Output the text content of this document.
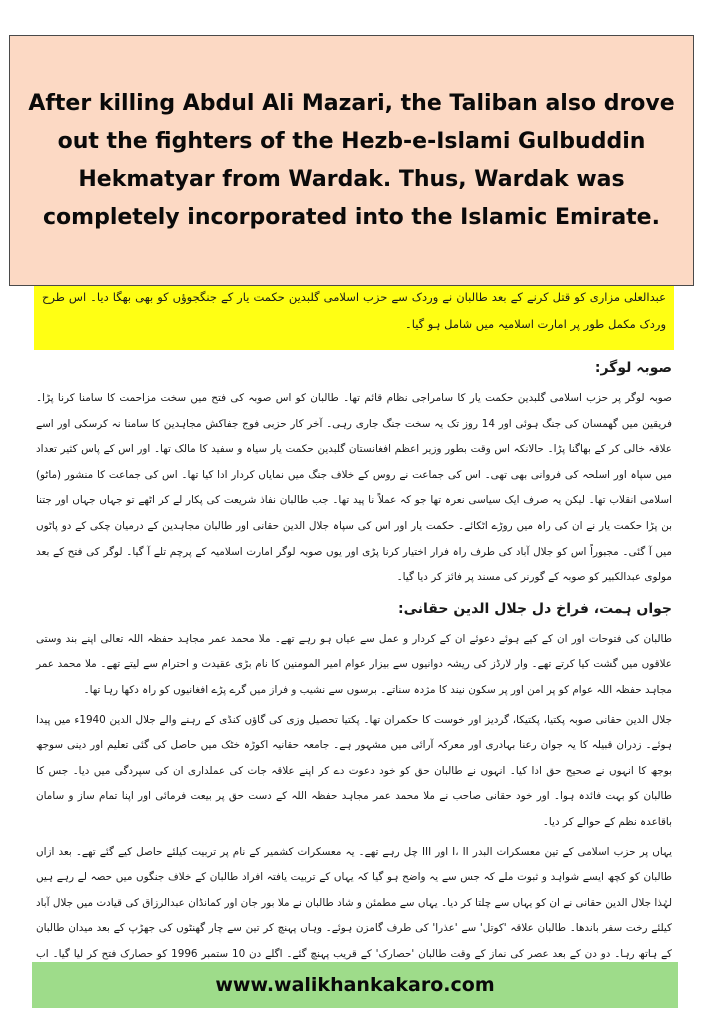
عبدالعلی مزاری کو قتل کرنے کے بعد طالبان نے وردک سے حزب اسلامی گلبدین حکمت یار کے جنگجوؤں کو بھی بھگا دیا۔ اس طرح وردک مکمل طور پر امارت اسلامیہ میں شامل ہو گیا۔
صوبہ لوگر:
صوبہ لوگر پر حزب اسلامی گلبدین حکمت یار کا سامراجی نظام قائم تھا۔ طالبان کو اس صوبہ کی فتح میں سخت مزاحمت کا سامنا کرنا پڑا۔ فریقین میں گھمسان کی جنگ ہوئی اور 14 روز تک یہ سخت جنگ جاری رہی۔ آخر کار حزبی فوج جفاکش مجاہدین کا سامنا نہ کرسکی اور اسے علاقہ خالی کر کے بھاگنا پڑا۔ حالانکہ اس وقت بطور وزیر اعظم افغانستان گلبدین حکمت یار سیاہ و سفید کا مالک تھا۔ اور اس کے پاس کثیر تعداد میں سپاہ اور اسلحہ کی فروانی بھی تھی۔ اس کی جماعت نے روس کے خلاف جنگ میں نمایاں کردار ادا کیا تھا۔ اس کی جماعت کا منشور (ماٹو) اسلامی انقلاب تھا۔ لیکن یہ صرف ایک سیاسی نعرہ تھا جو کہ عملاً نا پید تھا۔ جب طالبان نفاذ شریعت کی پکار لے کر اٹھے تو جہاں جہاں اور جتنا بن پڑا حکمت یار نے ان کی راہ میں روڑے اٹکائے۔ حکمت یار اور اس کی سپاہ جلال الدین حقانی اور طالبان مجاہدین کے درمیان چکی کے دو پاٹوں میں آ گئی۔ مجبوراً اس کو جلال آباد کی طرف راہ فرار اختیار کرنا پڑی اور یوں صوبہ لوگر امارت اسلامیہ کے پرچم تلے آ گیا۔ لوگر کی فتح کے بعد مولوی عبدالکبیر کو صوبہ کے گورنر کی مسند پر فائز کر دیا گیا۔
جواں ہمت، فراخ دل جلال الدین حقانی:
طالبان کی فتوحات اور ان کے کیے ہوئے دعوئے ان کے کردار و عمل سے عیاں ہو رہے تھے۔ ملا محمد عمر مجاہد حفظہ اللہ تعالی اپنے بند وستی علاقوں میں گشت کیا کرتے تھے۔ وار لارڈز کی ریشہ دوانیوں سے بیزار عوام امیر المومنین کا نام بڑی عقیدت و احترام سے لیتے تھے۔ ملا محمد عمر مجاہد حفظہ اللہ عوام کو پر امن اور پر سکون نیند کا مژدہ سناتے۔ برسوں سے نشیب و فراز میں گرے پڑے افغانیوں کو راہ دکھا رہا تھا۔
جلال الدین حقانی صوبہ پکتیا، پکتیکا، گردیز اور خوست کا حکمران تھا۔ پکتیا تحصیل وزی کی گاؤں کنڈی کے رہنے والے جلال الدین 1940ء میں پیدا ہوئے۔ زدران قبیلہ کا یہ جوان رعنا بہادری اور معرکہ آرائی میں مشہور ہے۔ جامعہ حقانیہ اکوڑہ خٹک میں حاصل کی گئی تعلیم اور دینی سوجھ بوجھ کا انہوں نے صحیح حق ادا کیا۔ انہوں نے طالبان حق کو خود دعوت دے کر اپنے علاقہ جات کی عملداری ان کی سپردگی میں دیا۔ جس کا طالبان کو بہت فائدہ ہوا۔ اور خود حقانی صاحب نے ملا محمد عمر مجاہد حفظہ اللہ کے دست حق پر بیعت فرمائی اور اپنا تمام ساز و سامان باقاعدہ نظم کے حوالے کر دیا۔
یہاں پر حزب اسلامی کے تین معسکرات البدر I، II اور III چل رہے تھے۔ یہ معسکرات کشمیر کے نام پر تربیت کیلئے حاصل کیے گئے تھے۔ بعد ازاں طالبان کو کچھ ایسے شواہد و ثبوت ملے کہ جس سے یہ واضح ہو گیا کہ یہاں کے تربیت یافتہ افراد طالبان کے خلاف جنگوں میں حصہ لے رہے ہیں لہٰذا جلال الدین حقانی نے ان کو یہاں سے چلتا کر دیا۔ یہاں سے مطمئن و شاد طالبان نے ملا بور جان اور کمانڈان عبدالرزاق کی قیادت میں جلال آباد کیلئے رخت سفر باندھا۔ طالبان علاقہ 'کوتل' سے 'عذرا' کی طرف گامزن ہوئے۔ وہاں پہنچ کر تین سے چار گھنٹوں کی جھڑپ کے بعد میدان طالبان کے ہاتھ رہا۔ دو دن کے بعد عصر کی نماز کے وقت طالبان 'حصارک' کے قریب پہنچ گئے۔ اگلے دن 10 ستمبر 1996 کو حصارک فتح کر لیا گیا۔ اب
After killing Abdul Ali Mazari, the Taliban also drove out the fighters of the Hezb-e-Islami Gulbuddin Hekmatyar from Wardak. Thus, Wardak was completely incorporated into the Islamic Emirate.
www.walikhankakaro.com
